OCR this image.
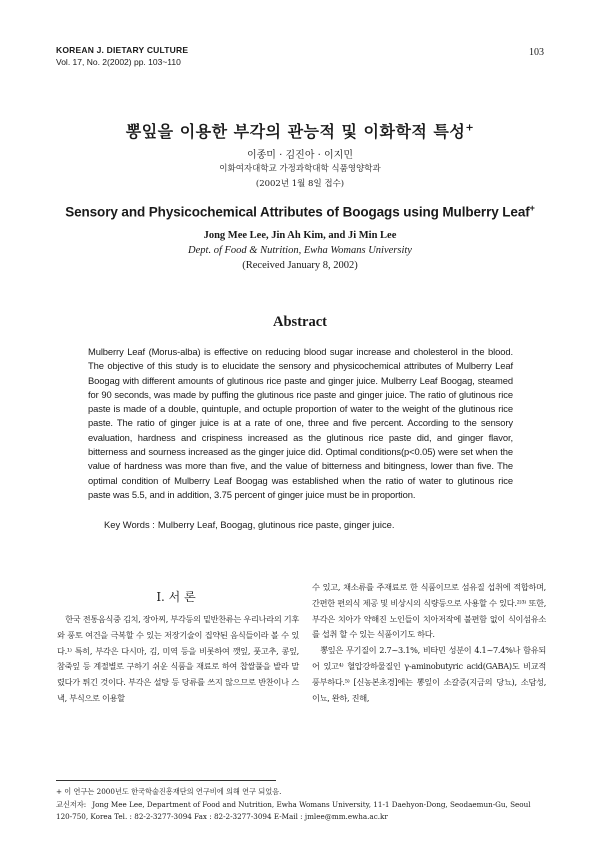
KOREAN J. DIETARY CULTURE
Vol. 17, No. 2(2002) pp. 103~110
103
뽕잎을 이용한 부각의 관능적 및 이화학적 특성+
이종미 · 김진아 · 이지민
이화여자대학교 가정과학대학 식품영양학과
(2002년 1월 8일 접수)
Sensory and Physicochemical Attributes of Boogags using Mulberry Leaf+
Jong Mee Lee, Jin Ah Kim, and Ji Min Lee
Dept. of Food & Nutrition, Ewha Womans University
(Received January 8, 2002)
Abstract
Mulberry Leaf (Morus-alba) is effective on reducing blood sugar increase and cholesterol in the blood. The objective of this study is to elucidate the sensory and physicochemical attributes of Mulberry Leaf Boogag with different amounts of glutinous rice paste and ginger juice. Mulberry Leaf Boogag, steamed for 90 seconds, was made by puffing the glutinous rice paste and ginger juice. The ratio of glutinous rice paste is made of a double, quintuple, and octuple proportion of water to the weight of the glutinous rice paste. The ratio of ginger juice is at a rate of one, three and five percent. According to the sensory evaluation, hardness and crispiness increased as the glutinous rice paste did, and ginger flavor, bitterness and sourness increased as the ginger juice did. Optimal conditions(p<0.05) were set when the value of hardness was more than five, and the value of bitterness and bitingness, lower than five. The optimal condition of Mulberry Leaf Boogag was established when the ratio of water to glutinous rice paste was 5.5, and in addition, 3.75 percent of ginger juice must be in proportion.
Key Words : Mulberry Leaf, Boogag, glutinous rice paste, ginger juice.
I. 서 론

한국 전통음식중 김치, 장아찌, 부각등의 밑반찬류는 우리나라의 기후와 풍토 여건을 극복할 수 있는 저장기술이 집약된 음식들이라 볼 수 있다.¹⁾ 특히, 부각은 다시마, 김, 미역 등을 비롯하여 깻잎, 풋고추, 콩잎, 참죽잎 등 계절별로 구하기 쉬운 식품을 재료로 하여 찹쌀풀을 발라 말렸다가 튀긴 것이다. 부각은 설탕 등 당류를 쓰지 않으므로 반찬이나 스낵, 부식으로 이용할

수 있고, 채소류를 주재료로 한 식품이므로 섬유질 섭취에 적합하며, 간편한 편의식 제공 및 비상시의 식량등으로 사용할 수 있다.²⁾³⁾ 또한, 부각은 치아가 약해진 노인들이 치아저작에 불편함 없이 식이섬유소를 섭취 할 수 있는 식품이기도 하다.

뽕잎은 무기질이 2.7~3.1%, 비타민 성분이 4.1~7.4%나 함유되어 있고⁴⁾ 혈압강하물질인 γ-aminobutyric acid(GABA)도 비교적 풍부하다.⁵⁾ [신농본초경]에는 뽕잎이 소갈증(지금의 당뇨), 소담성, 이뇨, 완하, 진해,

+ 이 연구는 2000년도 한국학술진흥재단의 연구비에 의해 연구 되었음.
교신저자: Jong Mee Lee, Department of Food and Nutrition, Ewha Womans University, 11-1 Daehyon-Dong, Seodaemun-Gu, Seoul 120-750, Korea Tel. : 82-2-3277-3094 Fax : 82-2-3277-3094 E-Mail : jmlee@mm.ewha.ac.kr
